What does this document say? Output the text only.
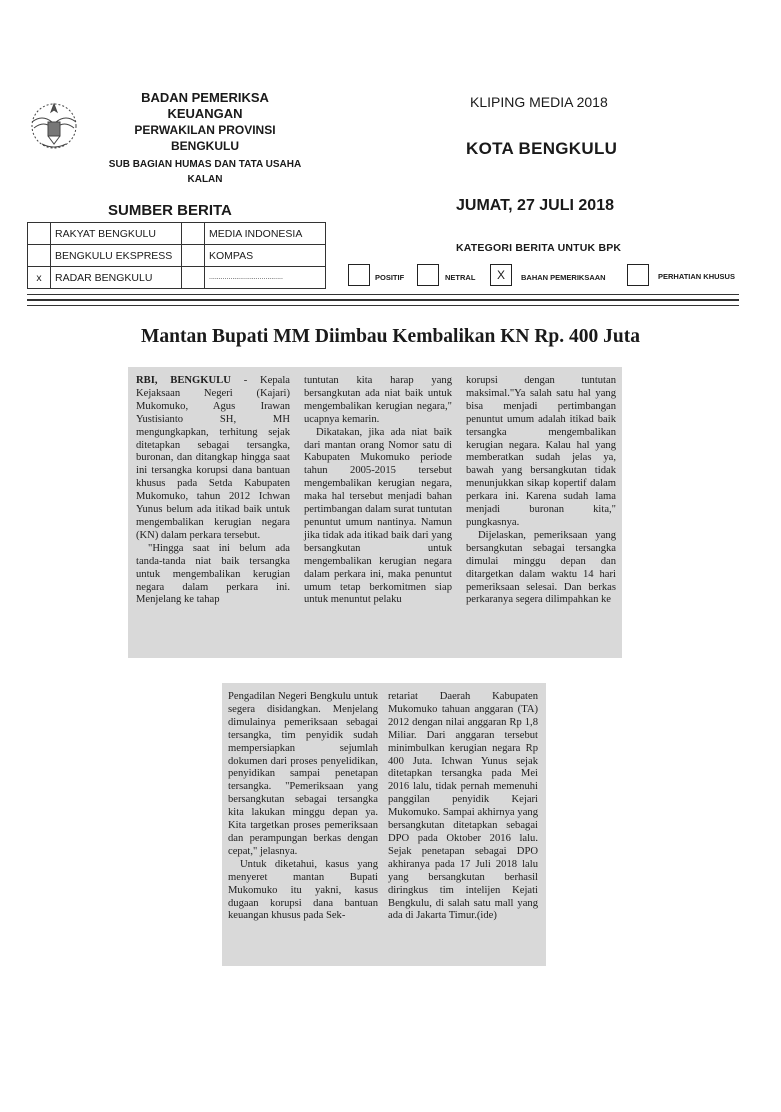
BADAN PEMERIKSA
KEUANGAN
PERWAKILAN PROVINSI
BENGKULU
SUB BAGIAN HUMAS DAN TATA USAHA
KALAN
KLIPING MEDIA 2018
KOTA BENGKULU
JUMAT, 27 JULI 2018
SUMBER BERITA
	RAKYAT BENGKULU		MEDIA INDONESIA
	BENGKULU EKSPRESS		KOMPAS
x	RADAR BENGKULU		......................................
KATEGORI BERITA UNTUK BPK
POSITIF	NETRAL	X	BAHAN PEMERIKSAAN	PERHATIAN KHUSUS
Mantan Bupati MM Diimbau Kembalikan KN Rp. 400 Juta

RBI, BENGKULU - Kepala Kejaksaan Negeri (Kajari) Mukomuko, Agus Irawan Yustisianto SH, MH mengungkapkan, terhitung sejak ditetapkan sebagai tersangka, buronan, dan ditangkap hingga saat ini tersangka korupsi dana bantuan khusus pada Setda Kabupaten Mukomuko, tahun 2012 Ichwan Yunus belum ada itikad baik untuk mengembalikan kerugian negara (KN) dalam perkara tersebut.

"Hingga saat ini belum ada tanda-tanda niat baik tersangka untuk mengembalikan kerugian negara dalam perkara ini. Menjelang ke tahap

tuntutan kita harap yang bersangkutan ada niat baik untuk mengembalikan kerugian negara," ucapnya kemarin.

Dikatakan, jika ada niat baik dari mantan orang Nomor satu di Kabupaten Mukomuko periode tahun 2005-2015 tersebut mengembalikan kerugian negara, maka hal tersebut menjadi bahan pertimbangan dalam surat tuntutan penuntut umum nantinya. Namun jika tidak ada itikad baik dari yang bersangkutan untuk mengembalikan kerugian negara dalam perkara ini, maka penuntut umum tetap berkomitmen siap untuk menuntut pelaku

korupsi dengan tuntutan maksimal."Ya salah satu hal yang bisa menjadi pertimbangan penuntut umum adalah itikad baik tersangka mengembalikan kerugian negara. Kalau hal yang memberatkan sudah jelas ya, bawah yang bersangkutan tidak menunjukkan sikap kopertif dalam perkara ini. Karena sudah lama menjadi buronan kita," pungkasnya.

Dijelaskan, pemeriksaan yang bersangkutan sebagai tersangka dimulai minggu depan dan ditargetkan dalam waktu 14 hari pemeriksaan selesai. Dan berkas perkaranya segera dilimpahkan ke

Pengadilan Negeri Bengkulu untuk segera disidangkan. Menjelang dimulainya pemeriksaan sebagai tersangka, tim penyidik sudah mempersiapkan sejumlah dokumen dari proses penyelidikan, penyidikan sampai penetapan tersangka. "Pemeriksaan yang bersangkutan sebagai tersangka kita lakukan minggu depan ya. Kita targetkan proses pemeriksaan dan perampungan berkas dengan cepat," jelasnya.

Untuk diketahui, kasus yang menyeret mantan Bupati Mukomuko itu yakni, kasus dugaan korupsi dana bantuan keuangan khusus pada Sek-

retariat Daerah Kabupaten Mukomuko tahuan anggaran (TA) 2012 dengan nilai anggaran Rp 1,8 Miliar. Dari anggaran tersebut minimbulkan kerugian negara Rp 400 Juta. Ichwan Yunus sejak ditetapkan tersangka pada Mei 2016 lalu, tidak pernah memenuhi panggilan penyidik Kejari Mukomuko. Sampai akhirnya yang bersangkutan ditetapkan sebagai DPO pada Oktober 2016 lalu. Sejak penetapan sebagai DPO akhiranya pada 17 Juli 2018 lalu yang bersangkutan berhasil diringkus tim intelijen Kejati Bengkulu, di salah satu mall yang ada di Jakarta Timur.(ide)
